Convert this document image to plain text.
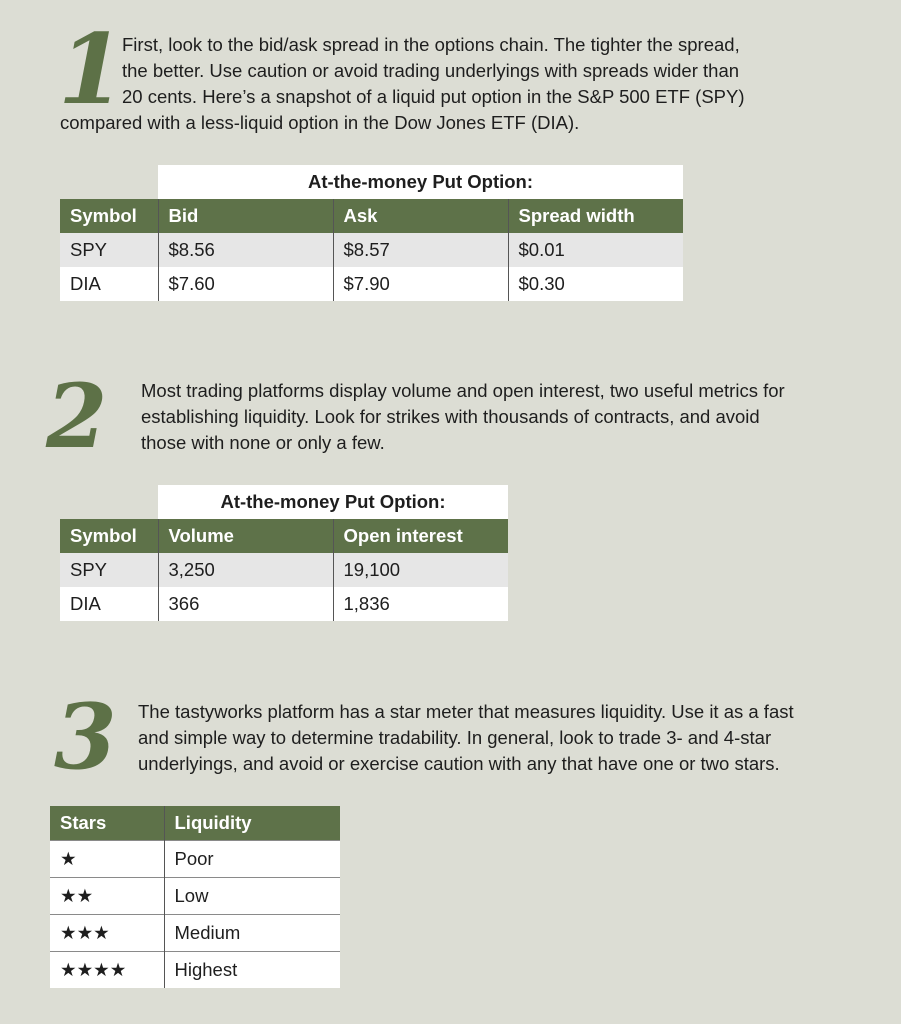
1

First, look to the bid/ask spread in the options chain. The tighter the spread,

the better. Use caution or avoid trading underlyings with spreads wider than

20 cents. Here’s a snapshot of a liquid put option in the S&P 500 ETF (SPY)

compared with a less-liquid option in the Dow Jones ETF (DIA).

	At-the-money Put Option:		
Symbol	Bid	Ask	Spread width
SPY	$8.56	$8.57	$0.01
DIA	$7.60	$7.90	$0.30
2 Most trading platforms display volume and open interest, two useful metrics for

establishing liquidity. Look for strikes with thousands of contracts, and avoid

those with none or only a few.

	At-the-money Put Option:	
Symbol	Volume	Open interest
SPY	3,250	19,100
DIA	366	1,836
3 The tastyworks platform has a star meter that measures liquidity. Use it as a fast

and simple way to determine tradability. In general, look to trade 3- and 4-star

underlyings, and avoid or exercise caution with any that have one or two stars.

Stars	Liquidity
★	Poor
★★	Low
★★★	Medium
★★★★	Highest
